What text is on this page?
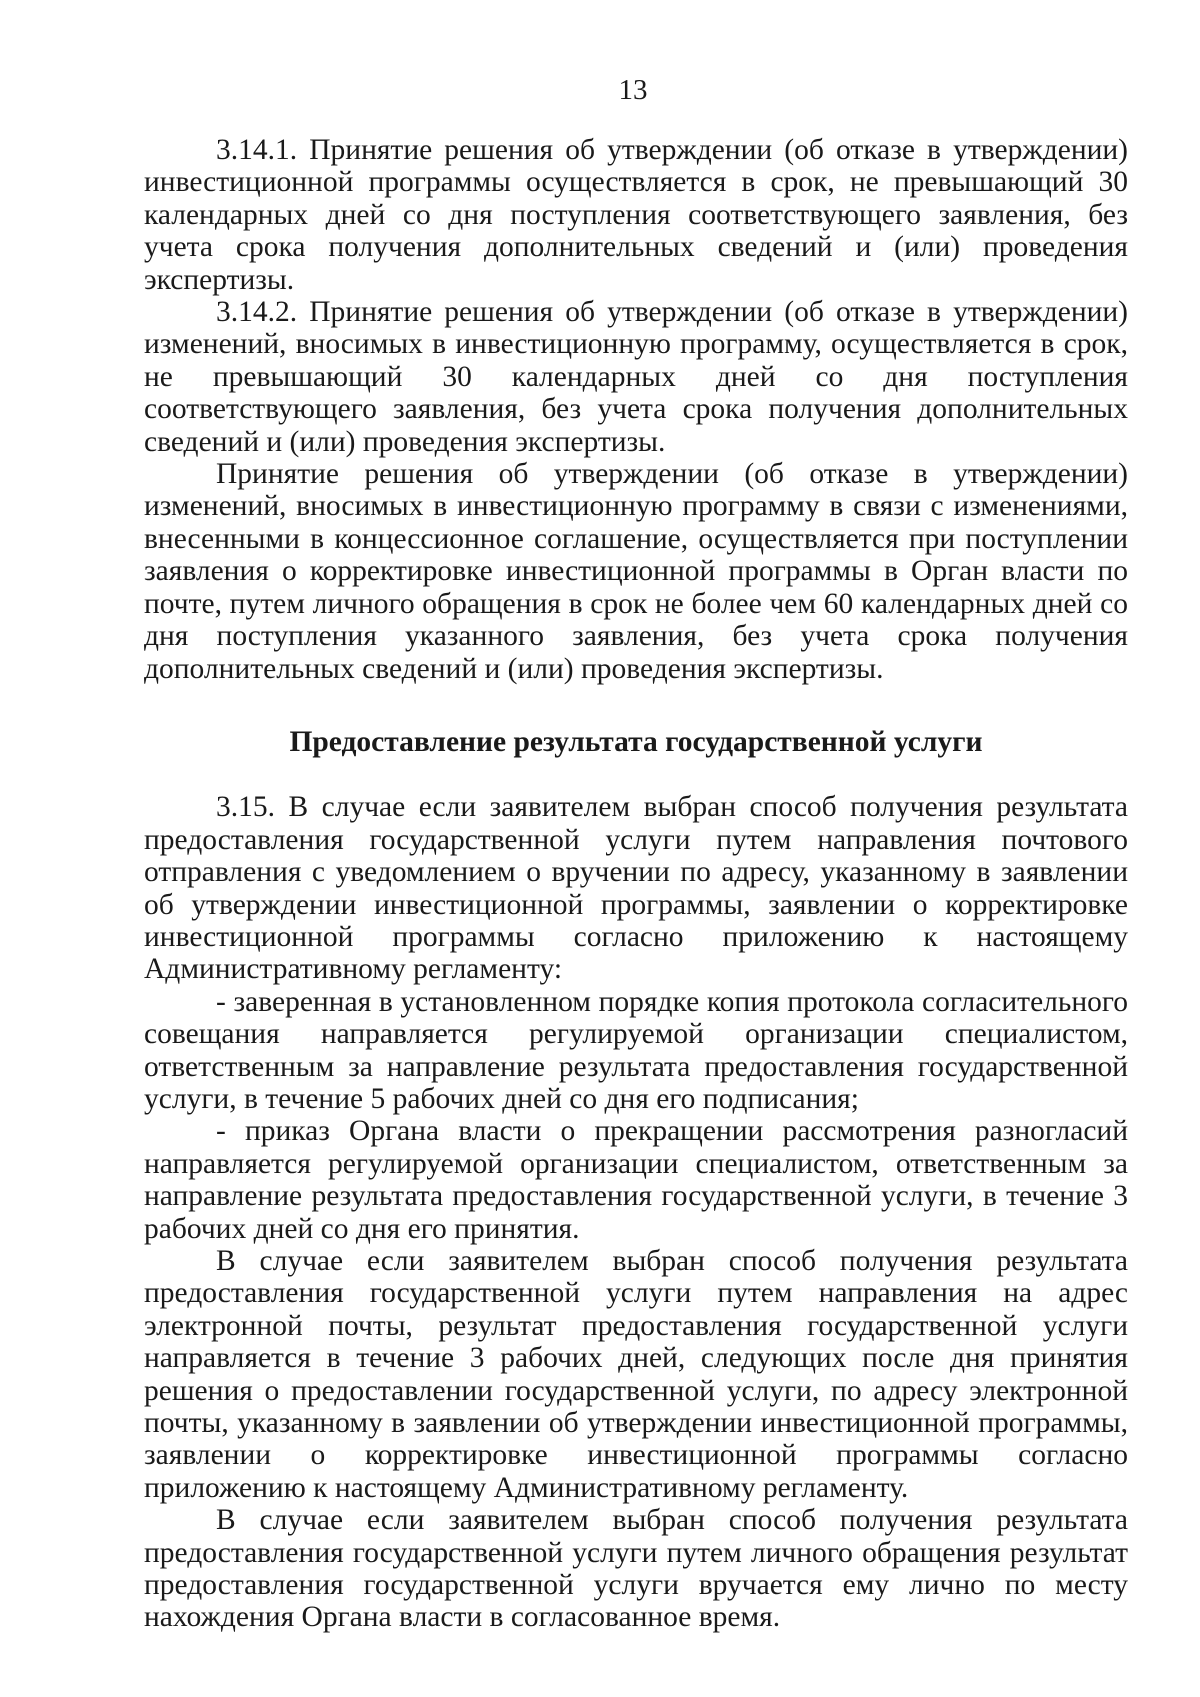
13

3.14.1. Принятие решения об утверждении (об отказе в утверждении) инвестиционной программы осуществляется в срок, не превышающий 30 календарных дней со дня поступления соответствующего заявления, без учета срока получения дополнительных сведений и (или) проведения экспертизы.

3.14.2. Принятие решения об утверждении (об отказе в утверждении) изменений, вносимых в инвестиционную программу, осуществляется в срок, не превышающий 30 календарных дней со дня поступления соответствующего заявления, без учета срока получения дополнительных сведений и (или) проведения экспертизы.

Принятие решения об утверждении (об отказе в утверждении) изменений, вносимых в инвестиционную программу в связи с изменениями, внесенными в концессионное соглашение, осуществляется при поступлении заявления о корректировке инвестиционной программы в Орган власти по почте, путем личного обращения в срок не более чем 60 календарных дней со дня поступления указанного заявления, без учета срока получения дополнительных сведений и (или) проведения экспертизы.

Предоставление результата государственной услуги

3.15. В случае если заявителем выбран способ получения результата предоставления государственной услуги путем направления почтового отправления с уведомлением о вручении по адресу, указанному в заявлении об утверждении инвестиционной программы, заявлении о корректировке инвестиционной программы согласно приложению к настоящему Административному регламенту:

- заверенная в установленном порядке копия протокола согласительного совещания направляется регулируемой организации специалистом, ответственным за направление результата предоставления государственной услуги, в течение 5 рабочих дней со дня его подписания;

- приказ Органа власти о прекращении рассмотрения разногласий направляется регулируемой организации специалистом, ответственным за направление результата предоставления государственной услуги, в течение 3 рабочих дней со дня его принятия.

В случае если заявителем выбран способ получения результата предоставления государственной услуги путем направления на адрес электронной почты, результат предоставления государственной услуги направляется в течение 3 рабочих дней, следующих после дня принятия решения о предоставлении государственной услуги, по адресу электронной почты, указанному в заявлении об утверждении инвестиционной программы, заявлении о корректировке инвестиционной программы согласно приложению к настоящему Административному регламенту.

В случае если заявителем выбран способ получения результата предоставления государственной услуги путем личного обращения результат предоставления государственной услуги вручается ему лично по месту нахождения Органа власти в согласованное время.
